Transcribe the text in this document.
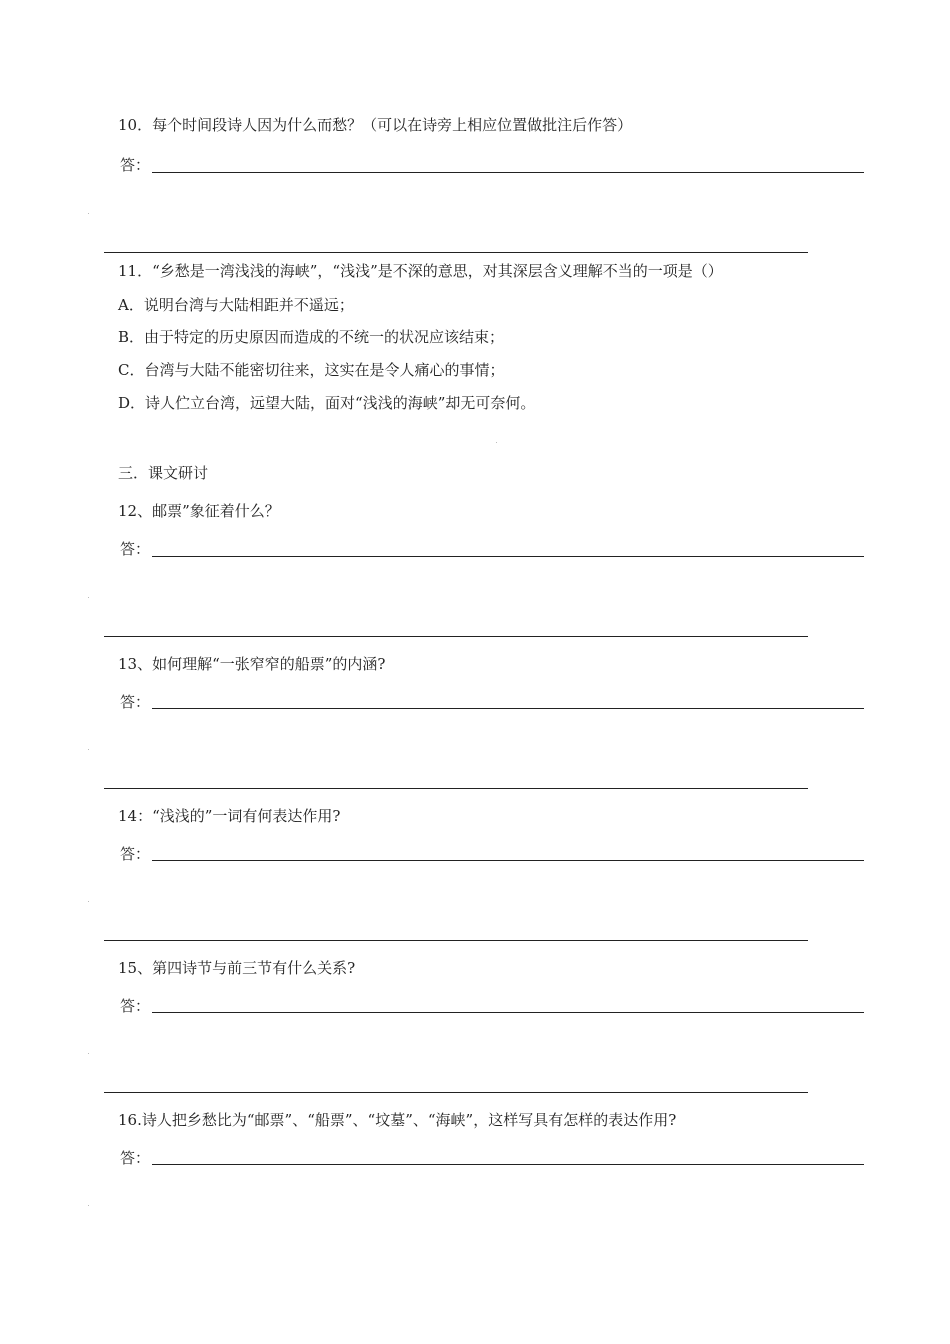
10．每个时间段诗人因为什么而愁？（可以在诗旁上相应位置做批注后作答）
答：
11．“乡愁是一湾浅浅的海峡”，“浅浅”是不深的意思，对其深层含义理解不当的一项是（）
A．说明台湾与大陆相距并不遥远；
B．由于特定的历史原因而造成的不统一的状况应该结束；
C．台湾与大陆不能密切往来，这实在是令人痛心的事情；
D．诗人伫立台湾，远望大陆，面对“浅浅的海峡”却无可奈何。
三．课文研讨
12、邮票”象征着什么？
答：
13、如何理解“一张窄窄的船票”的内涵?
答：
14：“浅浅的”一词有何表达作用?
答：
15、第四诗节与前三节有什么关系?
答：
16.诗人把乡愁比为“邮票”、“船票”、“坟墓”、“海峡”，这样写具有怎样的表达作用?
答：
